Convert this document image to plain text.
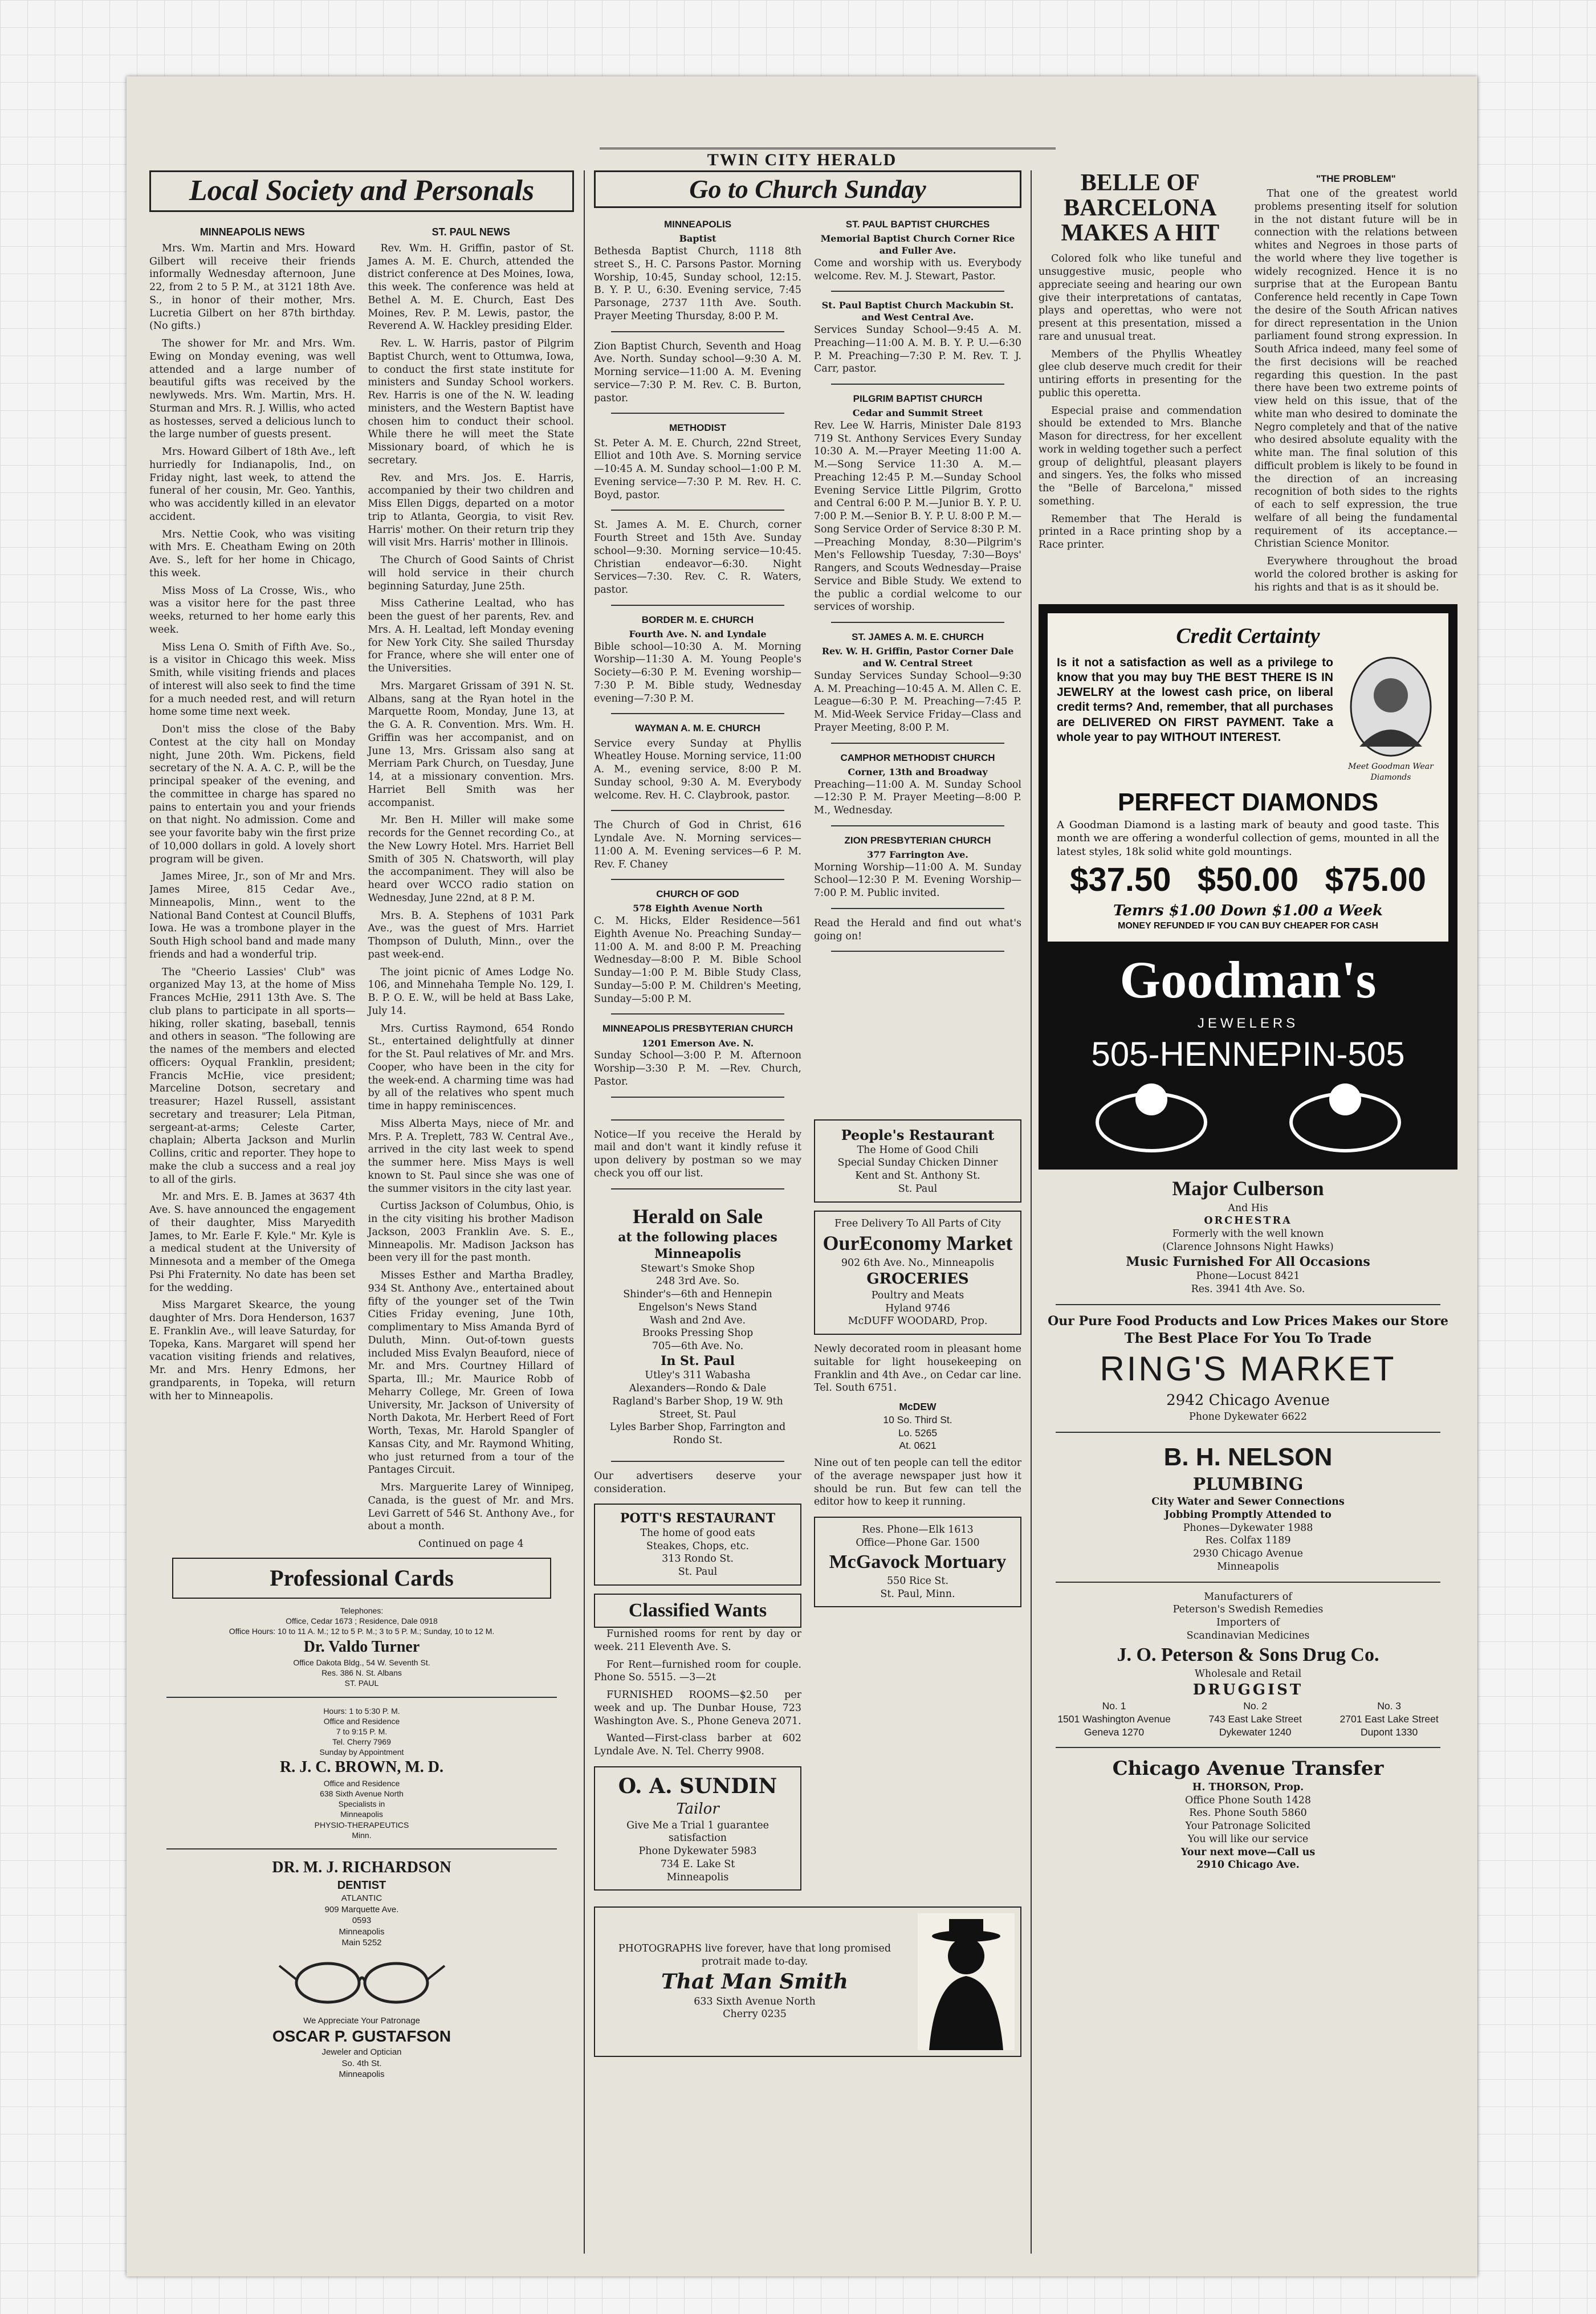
TWIN CITY HERALD
Local Society and Personals
MINNEAPOLIS NEWS

Mrs. Wm. Martin and Mrs. Howard Gilbert will receive their friends informally Wednesday afternoon, June 22, from 2 to 5 P. M., at 3121 18th Ave. S., in honor of their mother, Mrs. Lucretia Gilbert on her 87th birthday. (No gifts.)

The shower for Mr. and Mrs. Wm. Ewing on Monday evening, was well attended and a large number of beautiful gifts was received by the newlyweds. Mrs. Wm. Martin, Mrs. H. Sturman and Mrs. R. J. Willis, who acted as hostesses, served a delicious lunch to the large number of guests present.

Mrs. Howard Gilbert of 18th Ave., left hurriedly for Indianapolis, Ind., on Friday night, last week, to attend the funeral of her cousin, Mr. Geo. Yanthis, who was accidently killed in an elevator accident.

Mrs. Nettie Cook, who was visiting with Mrs. E. Cheatham Ewing on 20th Ave. S., left for her home in Chicago, this week.

Miss Moss of La Crosse, Wis., who was a visitor here for the past three weeks, returned to her home early this week.

Miss Lena O. Smith of Fifth Ave. So., is a visitor in Chicago this week. Miss Smith, while visiting friends and places of interest will also seek to find the time for a much needed rest, and will return home some time next week.

Don't miss the close of the Baby Contest at the city hall on Monday night, June 20th. Wm. Pickens, field secretary of the N. A. A. C. P., will be the principal speaker of the evening, and the committee in charge has spared no pains to entertain you and your friends on that night. No admission. Come and see your favorite baby win the first prize of 10,000 dollars in gold. A lovely short program will be given.

James Miree, Jr., son of Mr and Mrs. James Miree, 815 Cedar Ave., Minneapolis, Minn., went to the National Band Contest at Council Bluffs, Iowa. He was a trombone player in the South High school band and made many friends and had a wonderful trip.

The "Cheerio Lassies' Club" was organized May 13, at the home of Miss Frances McHie, 2911 13th Ave. S. The club plans to participate in all sports—hiking, roller skating, baseball, tennis and others in season. "The following are the names of the members and elected officers: Oyqual Franklin, president; Francis McHie, vice president; Marceline Dotson, secretary and treasurer; Hazel Russell, assistant secretary and treasurer; Lela Pitman, sergeant-at-arms; Celeste Carter, chaplain; Alberta Jackson and Murlin Collins, critic and reporter. They hope to make the club a success and a real joy to all of the girls.

Mr. and Mrs. E. B. James at 3637 4th Ave. S. have announced the engagement of their daughter, Miss Maryedith James, to Mr. Earle F. Kyle." Mr. Kyle is a medical student at the University of Minnesota and a member of the Omega Psi Phi Fraternity. No date has been set for the wedding.

Miss Margaret Skearce, the young daughter of Mrs. Dora Henderson, 1637 E. Franklin Ave., will leave Saturday, for Topeka, Kans. Margaret will spend her vacation visiting friends and relatives, Mr. and Mrs. Henry Edmons, her grandparents, in Topeka, will return with her to Minneapolis.

ST. PAUL NEWS

Rev. Wm. H. Griffin, pastor of St. James A. M. E. Church, attended the district conference at Des Moines, Iowa, this week. The conference was held at Bethel A. M. E. Church, East Des Moines, Rev. P. M. Lewis, pastor, the Reverend A. W. Hackley presiding Elder.

Rev. L. W. Harris, pastor of Pilgrim Baptist Church, went to Ottumwa, Iowa, to conduct the first state institute for ministers and Sunday School workers. Rev. Harris is one of the N. W. leading ministers, and the Western Baptist have chosen him to conduct their school. While there he will meet the State Missionary board, of which he is secretary.

Rev. and Mrs. Jos. E. Harris, accompanied by their two children and Miss Ellen Diggs, departed on a motor trip to Atlanta, Georgia, to visit Rev. Harris' mother. On their return trip they will visit Mrs. Harris' mother in Illinois.

The Church of Good Saints of Christ will hold service in their church beginning Saturday, June 25th.

Miss Catherine Lealtad, who has been the guest of her parents, Rev. and Mrs. A. H. Lealtad, left Monday evening for New York City. She sailed Thursday for France, where she will enter one of the Universities.

Mrs. Margaret Grissam of 391 N. St. Albans, sang at the Ryan hotel in the Marquette Room, Monday, June 13, at the G. A. R. Convention. Mrs. Wm. H. Griffin was her accompanist, and on June 13, Mrs. Grissam also sang at Merriam Park Church, on Tuesday, June 14, at a missionary convention. Mrs. Harriet Bell Smith was her accompanist.

Mr. Ben H. Miller will make some records for the Gennet recording Co., at the New Lowry Hotel. Mrs. Harriet Bell Smith of 305 N. Chatsworth, will play the accompaniment. They will also be heard over WCCO radio station on Wednesday, June 22nd, at 8 P. M.

Mrs. B. A. Stephens of 1031 Park Ave., was the guest of Mrs. Harriet Thompson of Duluth, Minn., over the past week-end.

The joint picnic of Ames Lodge No. 106, and Minnehaha Temple No. 129, I. B. P. O. E. W., will be held at Bass Lake, July 14.

Mrs. Curtiss Raymond, 654 Rondo St., entertained delightfully at dinner for the St. Paul relatives of Mr. and Mrs. Cooper, who have been in the city for the week-end. A charming time was had by all of the relatives who spent much time in happy reminiscences.

Miss Alberta Mays, niece of Mr. and Mrs. P. A. Treplett, 783 W. Central Ave., arrived in the city last week to spend the summer here. Miss Mays is well known to St. Paul since she was one of the summer visitors in the city last year.

Curtiss Jackson of Columbus, Ohio, is in the city visiting his brother Madison Jackson, 2003 Franklin Ave. S. E., Minneapolis. Mr. Madison Jackson has been very ill for the past month.

Misses Esther and Martha Bradley, 934 St. Anthony Ave., entertained about fifty of the younger set of the Twin Cities Friday evening, June 10th, complimentary to Miss Amanda Byrd of Duluth, Minn. Out-of-town guests included Miss Evalyn Beauford, niece of Mr. and Mrs. Courtney Hillard of Sparta, Ill.; Mr. Maurice Robb of Meharry College, Mr. Green of Iowa University, Mr. Jackson of University of North Dakota, Mr. Herbert Reed of Fort Worth, Texas, Mr. Harold Spangler of Kansas City, and Mr. Raymond Whiting, who just returned from a tour of the Pantages Circuit.

Mrs. Marguerite Larey of Winnipeg, Canada, is the guest of Mr. and Mrs. Levi Garrett of 546 St. Anthony Ave., for about a month.

Continued on page 4
Professional Cards
Telephones:
Office, Cedar 1673 ; Residence, Dale 0918
Office Hours: 10 to 11 A. M.; 12 to 5 P. M.; 3 to 5 P. M.; Sunday, 10 to 12 M.
Dr. Valdo Turner
Office Dakota Bldg., 54 W. Seventh St.
Res. 386 N. St. Albans
ST. PAUL
Hours: 1 to 5:30 P. M.
Office and Residence
7 to 9:15 P. M.
Tel. Cherry 7969
Sunday by Appointment
R. J. C. BROWN, M. D.
Office and Residence
638 Sixth Avenue North
Specialists in
Minneapolis
PHYSIO-THERAPEUTICS
Minn.
DR. M. J. RICHARDSON
DENTIST
ATLANTIC
909 Marquette Ave.
0593
Minneapolis
Main 5252
We Appreciate Your Patronage
OSCAR P. GUSTAFSON
Jeweler and Optician
So. 4th St.
Minneapolis
Go to Church Sunday
MINNEAPOLIS
Baptist
Bethesda Baptist Church, 1118 8th street S., H. C. Parsons Pastor. Morning Worship, 10:45, Sunday school, 12:15. B. Y. P. U., 6:30. Evening service, 7:45 Parsonage, 2737 11th Ave. South. Prayer Meeting Thursday, 8:00 P. M.
Zion Baptist Church, Seventh and Hoag Ave. North. Sunday school—9:30 A. M. Morning service—11:00 A. M. Evening service—7:30 P. M. Rev. C. B. Burton, pastor.
METHODIST
St. Peter A. M. E. Church, 22nd Street, Elliot and 10th Ave. S. Morning service—10:45 A. M. Sunday school—1:00 P. M. Evening service—7:30 P. M. Rev. H. C. Boyd, pastor.
St. James A. M. E. Church, corner Fourth Street and 15th Ave. Sunday school—9:30. Morning service—10:45. Christian endeavor—6:30. Night Services—7:30. Rev. C. R. Waters, pastor.
BORDER M. E. CHURCH
Fourth Ave. N. and Lyndale
Bible school—10:30 A. M. Morning Worship—11:30 A. M. Young People's Society—6:30 P. M. Evening worship—7:30 P. M. Bible study, Wednesday evening—7:30 P. M.
WAYMAN A. M. E. CHURCH
Service every Sunday at Phyllis Wheatley House. Morning service, 11:00 A. M., evening service, 8:00 P. M. Sunday school, 9:30 A. M. Everybody welcome. Rev. H. C. Claybrook, pastor.
The Church of God in Christ, 616 Lyndale Ave. N. Morning services—11:00 A. M. Evening services—6 P. M. Rev. F. Chaney
CHURCH OF GOD
578 Eighth Avenue North
C. M. Hicks, Elder Residence—561 Eighth Avenue No. Preaching Sunday—11:00 A. M. and 8:00 P. M. Preaching Wednesday—8:00 P. M. Bible School Sunday—1:00 P. M. Bible Study Class, Sunday—5:00 P. M. Children's Meeting, Sunday—5:00 P. M.
MINNEAPOLIS PRESBYTERIAN CHURCH
1201 Emerson Ave. N.
Sunday School—3:00 P. M. Afternoon Worship—3:30 P. M. —Rev. Church, Pastor.
ST. PAUL BAPTIST CHURCHES
Memorial Baptist Church Corner Rice and Fuller Ave.
Come and worship with us. Everybody welcome. Rev. M. J. Stewart, Pastor.
St. Paul Baptist Church Mackubin St. and West Central Ave.
Services Sunday School—9:45 A. M. Preaching—11:00 A. M. B. Y. P. U.—6:30 P. M. Preaching—7:30 P. M. Rev. T. J. Carr, pastor.
PILGRIM BAPTIST CHURCH
Cedar and Summit Street
Rev. Lee W. Harris, Minister Dale 8193 719 St. Anthony Services Every Sunday 10:30 A. M.—Prayer Meeting 11:00 A. M.—Song Service 11:30 A. M.—Preaching 12:45 P. M.—Sunday School Evening Service Little Pilgrim, Grotto and Central 6:00 P. M.—Junior B. Y. P. U. 7:00 P. M.—Senior B. Y. P. U. 8:00 P. M.—Song Service Order of Service 8:30 P. M.—Preaching Monday, 8:30—Pilgrim's Men's Fellowship Tuesday, 7:30—Boys' Rangers, and Scouts Wednesday—Praise Service and Bible Study. We extend to the public a cordial welcome to our services of worship.
ST. JAMES A. M. E. CHURCH
Rev. W. H. Griffin, Pastor Corner Dale and W. Central Street
Sunday Services Sunday School—9:30 A. M. Preaching—10:45 A. M. Allen C. E. League—6:30 P. M. Preaching—7:45 P. M. Mid-Week Service Friday—Class and Prayer Meeting, 8:00 P. M.
CAMPHOR METHODIST CHURCH
Corner, 13th and Broadway
Preaching—11:00 A. M. Sunday School—12:30 P. M. Prayer Meeting—8:00 P. M., Wednesday.
ZION PRESBYTERIAN CHURCH
377 Farrington Ave.
Morning Worship—11:00 A. M. Sunday School—12:30 P. M. Evening Worship—7:00 P. M. Public invited.
Read the Herald and find out what's going on!
Notice—If you receive the Herald by mail and don't want it kindly refuse it upon delivery by postman so we may check you off our list.
Herald on Sale
at the following places
Minneapolis
Stewart's Smoke Shop
248 3rd Ave. So.
Shinder's—6th and Hennepin
Engelson's News Stand
Wash and 2nd Ave.
Brooks Pressing Shop
705—6th Ave. No.
In St. Paul
Utley's 311 Wabasha
Alexanders—Rondo & Dale
Ragland's Barber Shop, 19 W. 9th Street, St. Paul
Lyles Barber Shop, Farrington and Rondo St.
Our advertisers deserve your consideration.
POTT'S RESTAURANT
The home of good eats
Steakes, Chops, etc.
313 Rondo St.
St. Paul
Classified Wants

Furnished rooms for rent by day or week. 211 Eleventh Ave. S.

For Rent—furnished room for couple. Phone So. 5515. —3—2t

FURNISHED ROOMS—$2.50 per week and up. The Dunbar House, 723 Washington Ave. S., Phone Geneva 2071.

Wanted—First-class barber at 602 Lyndale Ave. N. Tel. Cherry 9908.

O. A. SUNDIN
Tailor
Give Me a Trial 1 guarantee satisfaction
Phone Dykewater 5983
734 E. Lake St
Minneapolis
People's Restaurant
The Home of Good Chili
Special Sunday Chicken Dinner
Kent and St. Anthony St.
St. Paul
Free Delivery To All Parts of City
OurEconomy Market
902 6th Ave. No., Minneapolis
GROCERIES
Poultry and Meats
Hyland 9746
McDUFF WOODARD, Prop.
Newly decorated room in pleasant home suitable for light housekeeping on Franklin and 4th Ave., on Cedar car line. Tel. South 6751.
McDEW
10 So. Third St.
Lo. 5265
At. 0621
Nine out of ten people can tell the editor of the average newspaper just how it should be run. But few can tell the editor how to keep it running.
Res. Phone—Elk 1613
Office—Phone Gar. 1500
McGavock Mortuary
550 Rice St.
St. Paul, Minn.
PHOTOGRAPHS live forever, have that long promised protrait made to-day.
That Man Smith
633 Sixth Avenue North
Cherry 0235
BELLE OF BARCELONA MAKES A HIT

Colored folk who like tuneful and unsuggestive music, people who appreciate seeing and hearing our own give their interpretations of cantatas, plays and operettas, who were not present at this presentation, missed a rare and unusual treat.

Members of the Phyllis Wheatley glee club deserve much credit for their untiring efforts in presenting for the public this operetta.

Especial praise and commendation should be extended to Mrs. Blanche Mason for directress, for her excellent work in welding together such a perfect group of delightful, pleasant players and singers. Yes, the folks who missed the "Belle of Barcelona," missed something.

Remember that The Herald is printed in a Race printing shop by a Race printer.

"THE PROBLEM"

That one of the greatest world problems presenting itself for solution in the not distant future will be in connection with the relations between whites and Negroes in those parts of the world where they live together is widely recognized. Hence it is no surprise that at the European Bantu Conference held recently in Cape Town the desire of the South African natives for direct representation in the Union parliament found strong expression. In South Africa indeed, many feel some of the first decisions will be reached regarding this question. In the past there have been two extreme points of view held on this issue, that of the white man who desired to dominate the Negro completely and that of the native who desired absolute equality with the white man. The final solution of this difficult problem is likely to be found in the direction of an increasing recognition of both sides to the rights of each to self expression, the true welfare of all being the fundamental requirement of its acceptance.—Christian Science Monitor.

Everywhere throughout the broad world the colored brother is asking for his rights and that is as it should be.

Credit Certainty
Is it not a satisfaction as well as a privilege to know that you may buy THE BEST THERE IS IN JEWELRY at the lowest cash price, on liberal credit terms? And, remember, that all purchases are DELIVERED ON FIRST PAYMENT. Take a whole year to pay WITHOUT INTEREST.
Meet Goodman Wear Diamonds
PERFECT DIAMONDS
A Goodman Diamond is a lasting mark of beauty and good taste. This month we are offering a wonderful collection of gems, mounted in all the latest styles, 18k solid white gold mountings.
$37.50 $50.00 $75.00
Temrs $1.00 Down $1.00 a Week
MONEY REFUNDED IF YOU CAN BUY CHEAPER FOR CASH
Goodman's
JEWELERS
505-HENNEPIN-505
Major Culberson
And His
ORCHESTRA
Formerly with the well known
(Clarence Johnsons Night Hawks)
Music Furnished For All Occasions
Phone—Locust 8421
Res. 3941 4th Ave. So.
Our Pure Food Products and Low Prices Makes our Store
The Best Place For You To Trade
RING'S MARKET
2942 Chicago Avenue
Phone Dykewater 6622
B. H. NELSON
PLUMBING
City Water and Sewer Connections
Jobbing Promptly Attended to
Phones—Dykewater 1988
Res. Colfax 1189
2930 Chicago Avenue
Minneapolis
Manufacturers of
Peterson's Swedish Remedies
Importers of
Scandinavian Medicines
J. O. Peterson & Sons Drug Co.
Wholesale and Retail
DRUGGIST
No. 1
1501 Washington Avenue
Geneva 1270
No. 2
743 East Lake Street
Dykewater 1240
No. 3
2701 East Lake Street
Dupont 1330
Chicago Avenue Transfer
H. THORSON, Prop.
Office Phone South 1428
Res. Phone South 5860
Your Patronage Solicited
You will like our service
Your next move—Call us
2910 Chicago Ave.
